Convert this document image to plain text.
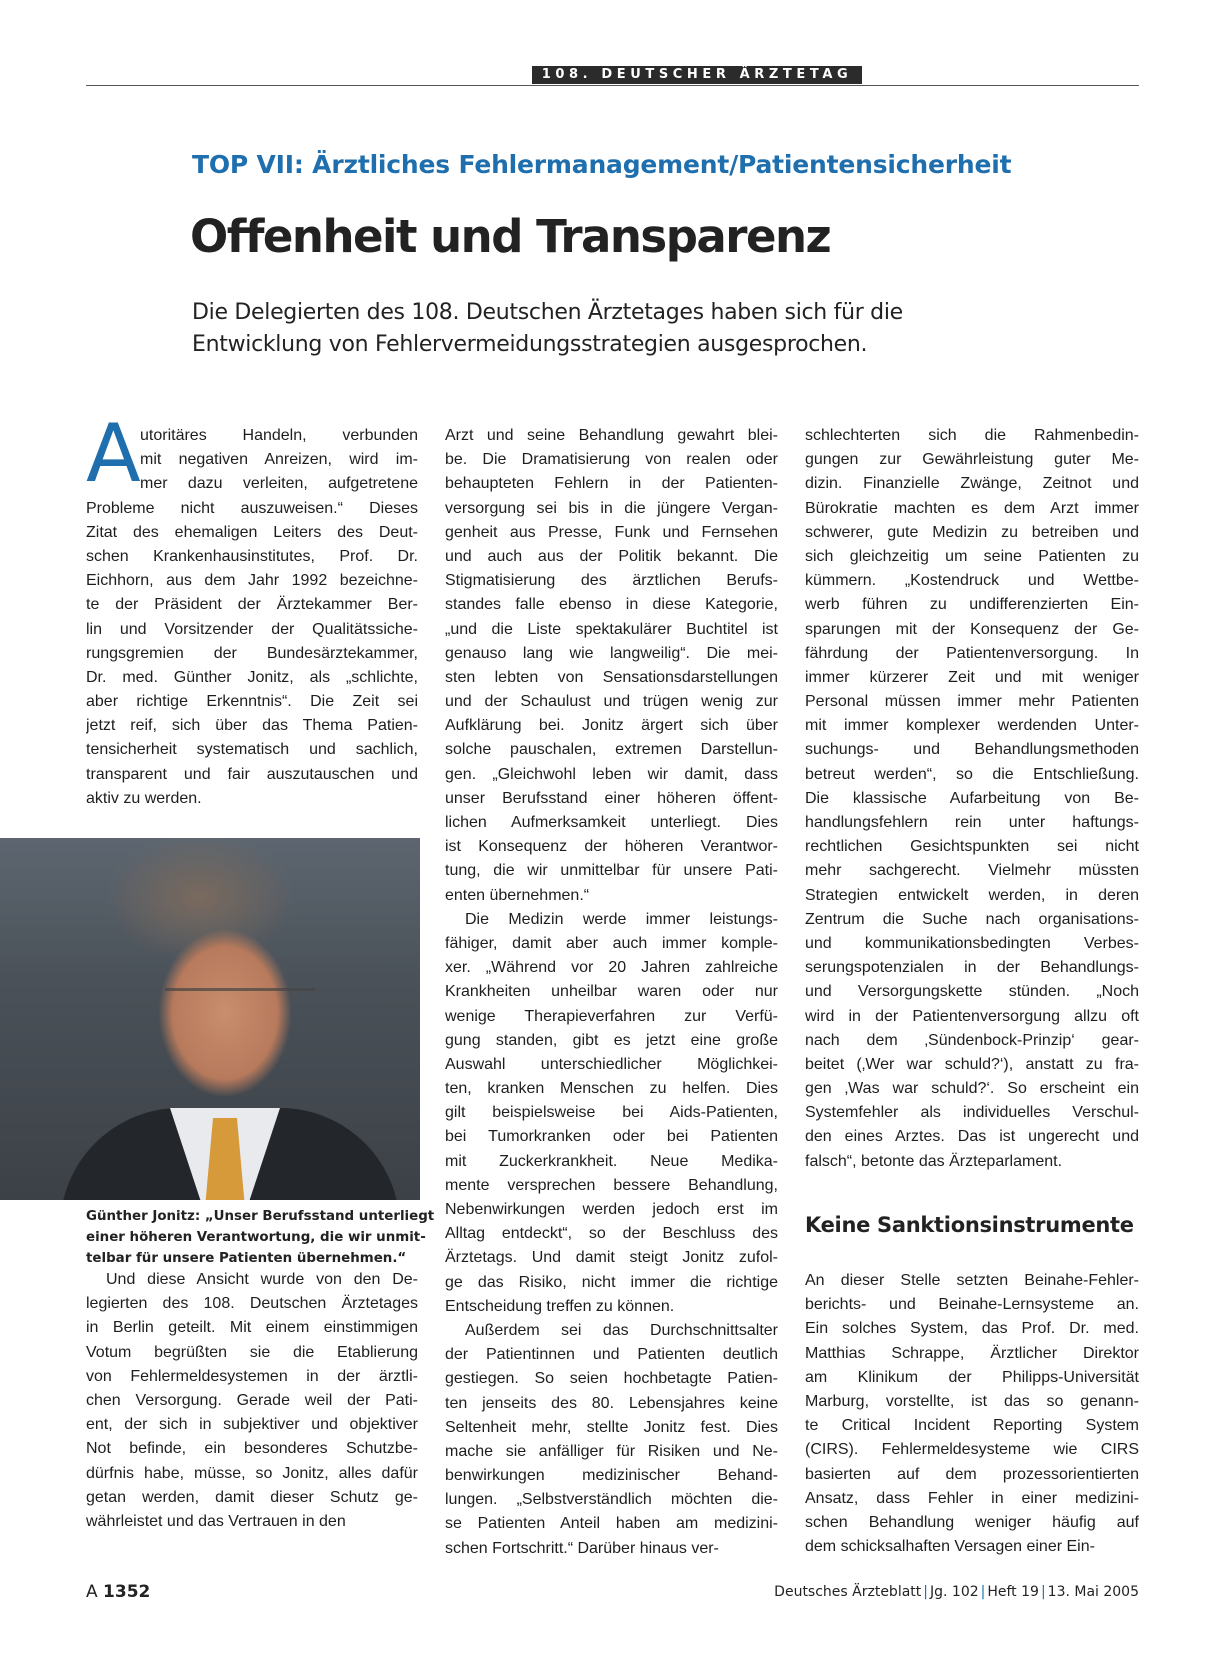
108. DEUTSCHER ÄRZTETAG
TOP VII: Ärztliches Fehlermanagement/Patientensicherheit
Offenheit und Transparenz
Die Delegierten des 108. Deutschen Ärztetages haben sich für die
Entwicklung von Fehlervermeidungsstrategien ausgesprochen.
A utoritäres Handeln, verbunden
mit negativen Anreizen, wird im-
mer dazu verleiten, aufgetretene
Probleme nicht auszuweisen.“ Dieses
Zitat des ehemaligen Leiters des Deut-
schen Krankenhausinstitutes, Prof. Dr.
Eichhorn, aus dem Jahr 1992 bezeichne-
te der Präsident der Ärztekammer Ber-
lin und Vorsitzender der Qualitätssiche-
rungsgremien der Bundesärztekammer,
Dr. med. Günther Jonitz, als „schlichte,
aber richtige Erkenntnis“. Die Zeit sei
jetzt reif, sich über das Thema Patien-
tensicherheit systematisch und sachlich,
transparent und fair auszutauschen und
aktiv zu werden.
Günther Jonitz: „Unser Berufsstand unterliegt
einer höheren Verantwortung, die wir unmit-
telbar für unsere Patienten übernehmen.“
Und diese Ansicht wurde von den De-
legierten des 108. Deutschen Ärztetages
in Berlin geteilt. Mit einem einstimmigen
Votum begrüßten sie die Etablierung
von Fehlermeldesystemen in der ärztli-
chen Versorgung. Gerade weil der Pati-
ent, der sich in subjektiver und objektiver
Not befinde, ein besonderes Schutzbe-
dürfnis habe, müsse, so Jonitz, alles dafür
getan werden, damit dieser Schutz ge-
währleistet und das Vertrauen in den
Arzt und seine Behandlung gewahrt blei-
be. Die Dramatisierung von realen oder
behaupteten Fehlern in der Patienten-
versorgung sei bis in die jüngere Vergan-
genheit aus Presse, Funk und Fernsehen
und auch aus der Politik bekannt. Die
Stigmatisierung des ärztlichen Berufs-
standes falle ebenso in diese Kategorie,
„und die Liste spektakulärer Buchtitel ist
genauso lang wie langweilig“. Die mei-
sten lebten von Sensationsdarstellungen
und der Schaulust und trügen wenig zur
Aufklärung bei. Jonitz ärgert sich über
solche pauschalen, extremen Darstellun-
gen. „Gleichwohl leben wir damit, dass
unser Berufsstand einer höheren öffent-
lichen Aufmerksamkeit unterliegt. Dies
ist Konsequenz der höheren Verantwor-
tung, die wir unmittelbar für unsere Pati-
enten übernehmen.“
Die Medizin werde immer leistungs-
fähiger, damit aber auch immer komple-
xer. „Während vor 20 Jahren zahlreiche
Krankheiten unheilbar waren oder nur
wenige Therapieverfahren zur Verfü-
gung standen, gibt es jetzt eine große
Auswahl unterschiedlicher Möglichkei-
ten, kranken Menschen zu helfen. Dies
gilt beispielsweise bei Aids-Patienten,
bei Tumorkranken oder bei Patienten
mit Zuckerkrankheit. Neue Medika-
mente versprechen bessere Behandlung,
Nebenwirkungen werden jedoch erst im
Alltag entdeckt“, so der Beschluss des
Ärztetags. Und damit steigt Jonitz zufol-
ge das Risiko, nicht immer die richtige
Entscheidung treffen zu können.
Außerdem sei das Durchschnittsalter
der Patientinnen und Patienten deutlich
gestiegen. So seien hochbetagte Patien-
ten jenseits des 80. Lebensjahres keine
Seltenheit mehr, stellte Jonitz fest. Dies
mache sie anfälliger für Risiken und Ne-
benwirkungen medizinischer Behand-
lungen. „Selbstverständlich möchten die-
se Patienten Anteil haben am medizini-
schen Fortschritt.“ Darüber hinaus ver-
schlechterten sich die Rahmenbedin-
gungen zur Gewährleistung guter Me-
dizin. Finanzielle Zwänge, Zeitnot und
Bürokratie machten es dem Arzt immer
schwerer, gute Medizin zu betreiben und
sich gleichzeitig um seine Patienten zu
kümmern. „Kostendruck und Wettbe-
werb führen zu undifferenzierten Ein-
sparungen mit der Konsequenz der Ge-
fährdung der Patientenversorgung. In
immer kürzerer Zeit und mit weniger
Personal müssen immer mehr Patienten
mit immer komplexer werdenden Unter-
suchungs- und Behandlungsmethoden
betreut werden“, so die Entschließung.
Die klassische Aufarbeitung von Be-
handlungsfehlern rein unter haftungs-
rechtlichen Gesichtspunkten sei nicht
mehr sachgerecht. Vielmehr müssten
Strategien entwickelt werden, in deren
Zentrum die Suche nach organisations-
und kommunikationsbedingten Verbes-
serungspotenzialen in der Behandlungs-
und Versorgungskette stünden. „Noch
wird in der Patientenversorgung allzu oft
nach dem ‚Sündenbock-Prinzip‘ gear-
beitet (‚Wer war schuld?‘), anstatt zu fra-
gen ‚Was war schuld?‘. So erscheint ein
Systemfehler als individuelles Verschul-
den eines Arztes. Das ist ungerecht und
falsch“, betonte das Ärzteparlament.
Keine Sanktionsinstrumente
An dieser Stelle setzten Beinahe-Fehler-
berichts- und Beinahe-Lernsysteme an.
Ein solches System, das Prof. Dr. med.
Matthias Schrappe, Ärztlicher Direktor
am Klinikum der Philipps-Universität
Marburg, vorstellte, ist das so genann-
te Critical Incident Reporting System
(CIRS). Fehlermeldesysteme wie CIRS
basierten auf dem prozessorientierten
Ansatz, dass Fehler in einer medizini-
schen Behandlung weniger häufig auf
dem schicksalhaften Versagen einer Ein-
A 1352	Deutsches Ärzteblatt | Jg. 102 | Heft 19 | 13. Mai 2005
